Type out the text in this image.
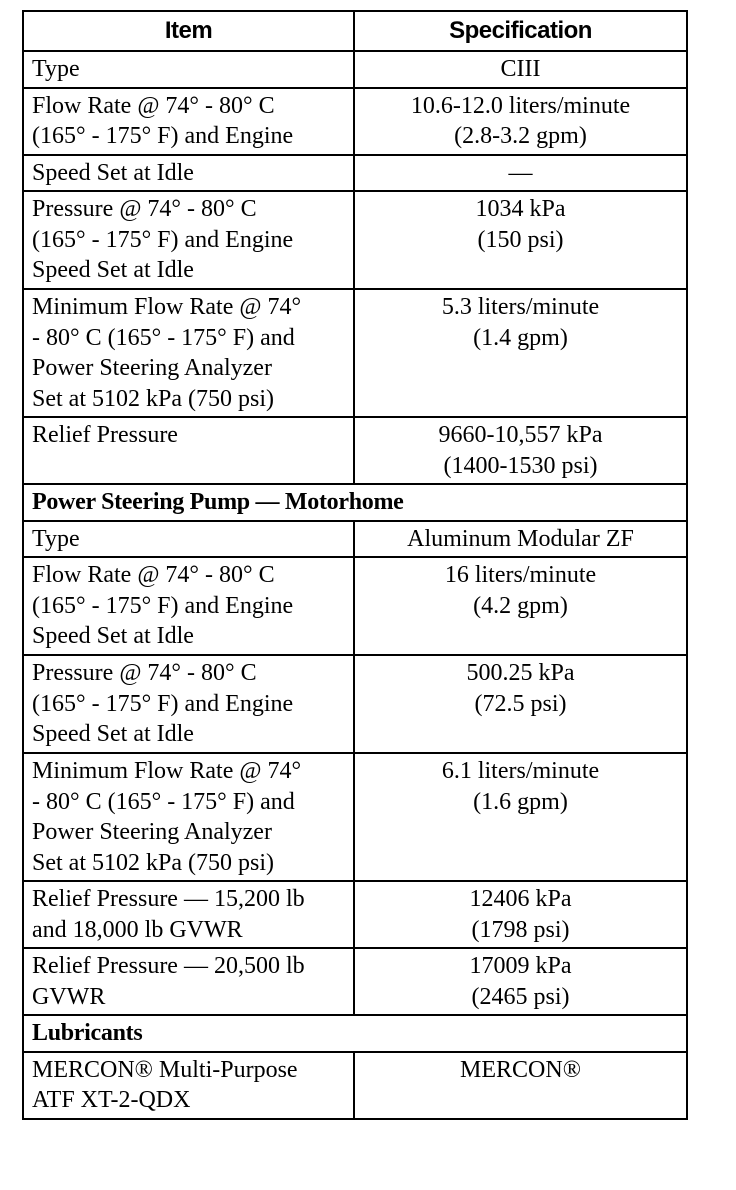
Item	Specification

Type	CIII

Flow Rate @ 74° - 80° C
(165° - 175° F) and Engine	10.6-12.0 liters/minute
(2.8-3.2 gpm)

Speed Set at Idle	—

Pressure @ 74° - 80° C
(165° - 175° F) and Engine
Speed Set at Idle	1034 kPa
(150 psi)

Minimum Flow Rate @ 74°
- 80° C (165° - 175° F) and
Power Steering Analyzer
Set at 5102 kPa (750 psi)	5.3 liters/minute
(1.4 gpm)

Relief Pressure	9660-10,557 kPa
(1400-1530 psi)

Power Steering Pump — Motorhome	

Type	Aluminum Modular ZF

Flow Rate @ 74° - 80° C
(165° - 175° F) and Engine
Speed Set at Idle	16 liters/minute
(4.2 gpm)

Pressure @ 74° - 80° C
(165° - 175° F) and Engine
Speed Set at Idle	500.25 kPa
(72.5 psi)

Minimum Flow Rate @ 74°
- 80° C (165° - 175° F) and
Power Steering Analyzer
Set at 5102 kPa (750 psi)	6.1 liters/minute
(1.6 gpm)

Relief Pressure — 15,200 lb
and 18,000 lb GVWR	12406 kPa
(1798 psi)

Relief Pressure — 20,500 lb
GVWR	17009 kPa
(2465 psi)

Lubricants	

MERCON® Multi-Purpose
ATF XT-2-QDX	MERCON®
